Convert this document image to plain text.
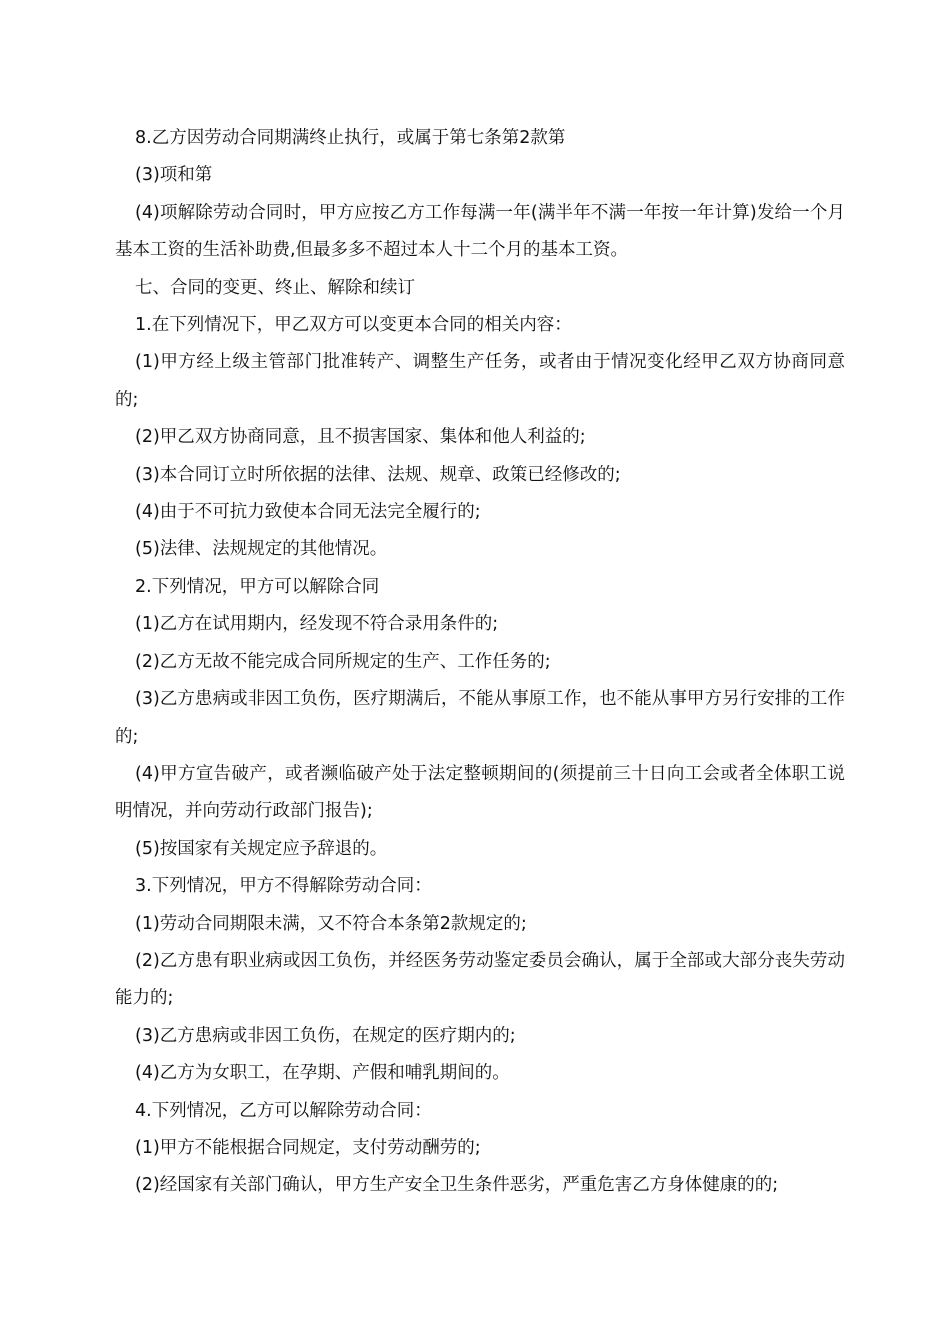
8.乙方因劳动合同期满终止执行，或属于第七条第2款第

(3)项和第

(4)项解除劳动合同时，甲方应按乙方工作每满一年(满半年不满一年按一年计算)发给一个月基本工资的生活补助费,但最多多不超过本人十二个月的基本工资。

七、合同的变更、终止、解除和续订

1.在下列情况下，甲乙双方可以变更本合同的相关内容：

(1)甲方经上级主管部门批准转产、调整生产任务，或者由于情况变化经甲乙双方协商同意的;

(2)甲乙双方协商同意，且不损害国家、集体和他人利益的;

(3)本合同订立时所依据的法律、法规、规章、政策已经修改的;

(4)由于不可抗力致使本合同无法完全履行的;

(5)法律、法规规定的其他情况。

2.下列情况，甲方可以解除合同

(1)乙方在试用期内，经发现不符合录用条件的;

(2)乙方无故不能完成合同所规定的生产、工作任务的;

(3)乙方患病或非因工负伤，医疗期满后，不能从事原工作，也不能从事甲方另行安排的工作的;

(4)甲方宣告破产，或者濒临破产处于法定整顿期间的(须提前三十日向工会或者全体职工说明情况，并向劳动行政部门报告);

(5)按国家有关规定应予辞退的。

3.下列情况，甲方不得解除劳动合同：

(1)劳动合同期限未满，又不符合本条第2款规定的;

(2)乙方患有职业病或因工负伤，并经医务劳动鉴定委员会确认，属于全部或大部分丧失劳动能力的;

(3)乙方患病或非因工负伤，在规定的医疗期内的;

(4)乙方为女职工，在孕期、产假和哺乳期间的。

4.下列情况，乙方可以解除劳动合同：

(1)甲方不能根据合同规定，支付劳动酬劳的;

(2)经国家有关部门确认，甲方生产安全卫生条件恶劣，严重危害乙方身体健康的的;
